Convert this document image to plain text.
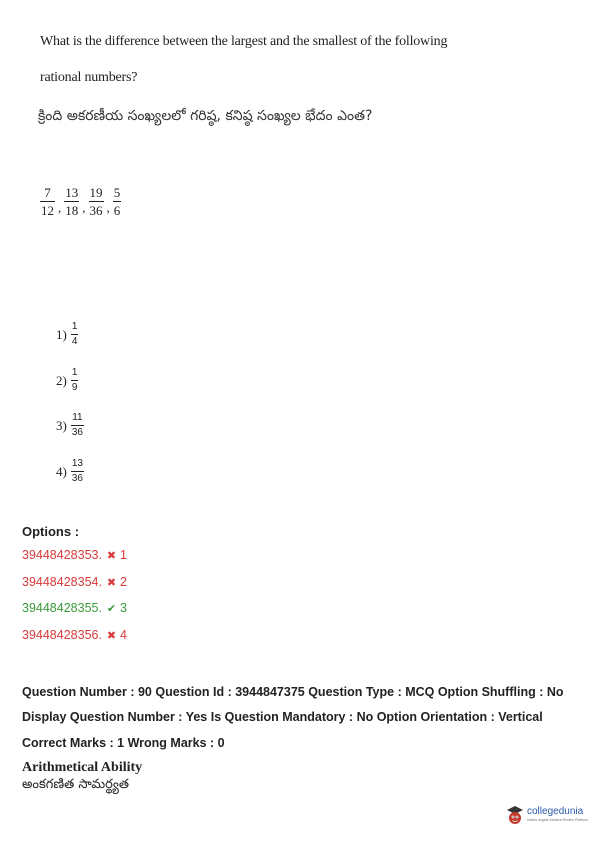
What is the difference between the largest and the smallest of the following
rational numbers?
క్రింది అకరణీయ సంఖ్యలలో గరిష్ఠ, కనిష్ఠ సంఖ్యల భేదం ఎంత?
$\frac{7}{12}$ , $\frac{13}{18}$ , $\frac{19}{36}$ , $\frac{5}{6}$
$1) \frac{1}{4}$
$2) \frac{1}{9}$
$3) \frac{11}{36}$
$4) \frac{13}{36}$
Options :
39448428353. ✖ 1
39448428354. ✖ 2
39448428355. ✔ 3
39448428356. ✖ 4
Question Number : 90 Question Id : 3944847375 Question Type : MCQ Option Shuffling : No
Display Question Number : Yes Is Question Mandatory : No Option Orientation : Vertical
Correct Marks : 1 Wrong Marks : 0
Arithmetical Ability
అంకగణిత సామర్థ్యత
collegedunia
India's largest Student Review Platform
